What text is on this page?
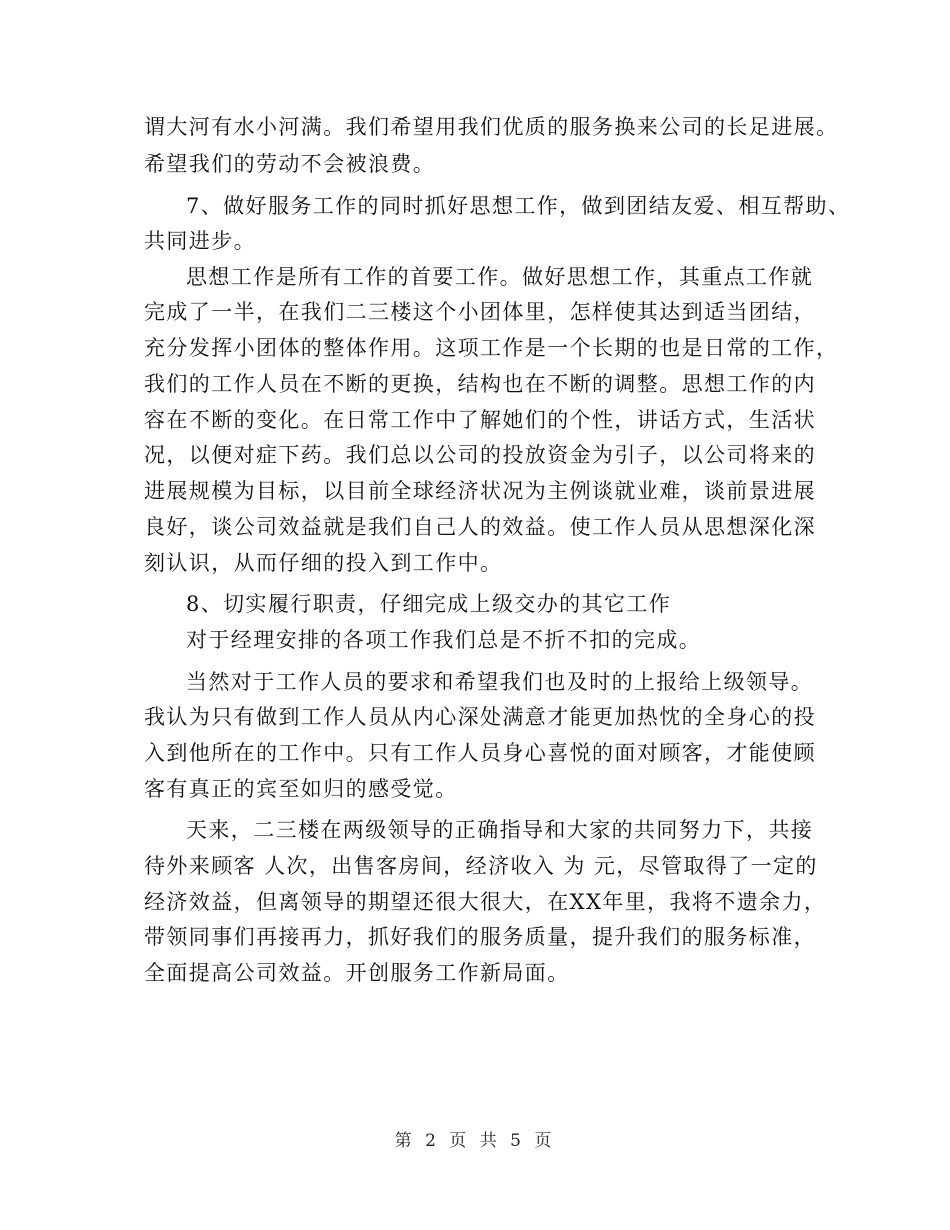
谓大河有水小河满。我们希望用我们优质的服务换来公司的长足进展。
希望我们的劳动不会被浪费。
7、做好服务工作的同时抓好思想工作，做到团结友爱、相互帮助、
共同进步。
思想工作是所有工作的首要工作。做好思想工作，其重点工作就
完成了一半，在我们二三楼这个小团体里，怎样使其达到适当团结，
充分发挥小团体的整体作用。这项工作是一个长期的也是日常的工作，
我们的工作人员在不断的更换，结构也在不断的调整。思想工作的内
容在不断的变化。在日常工作中了解她们的个性，讲话方式，生活状
况，以便对症下药。我们总以公司的投放资金为引子，以公司将来的
进展规模为目标，以目前全球经济状况为主例谈就业难，谈前景进展
良好，谈公司效益就是我们自己人的效益。使工作人员从思想深化深
刻认识，从而仔细的投入到工作中。
8、切实履行职责，仔细完成上级交办的其它工作
对于经理安排的各项工作我们总是不折不扣的完成。
当然对于工作人员的要求和希望我们也及时的上报给上级领导。
我认为只有做到工作人员从内心深处满意才能更加热忱的全身心的投
入到他所在的工作中。只有工作人员身心喜悦的面对顾客，才能使顾
客有真正的宾至如归的感受觉。
天来，二三楼在两级领导的正确指导和大家的共同努力下，共接
待外来顾客 人次，出售客房间，经济收入 为 元，尽管取得了一定的
经济效益，但离领导的期望还很大很大，在XX年里，我将不遗余力，
带领同事们再接再力，抓好我们的服务质量，提升我们的服务标准，
全面提高公司效益。开创服务工作新局面。
第 2 页 共 5 页
